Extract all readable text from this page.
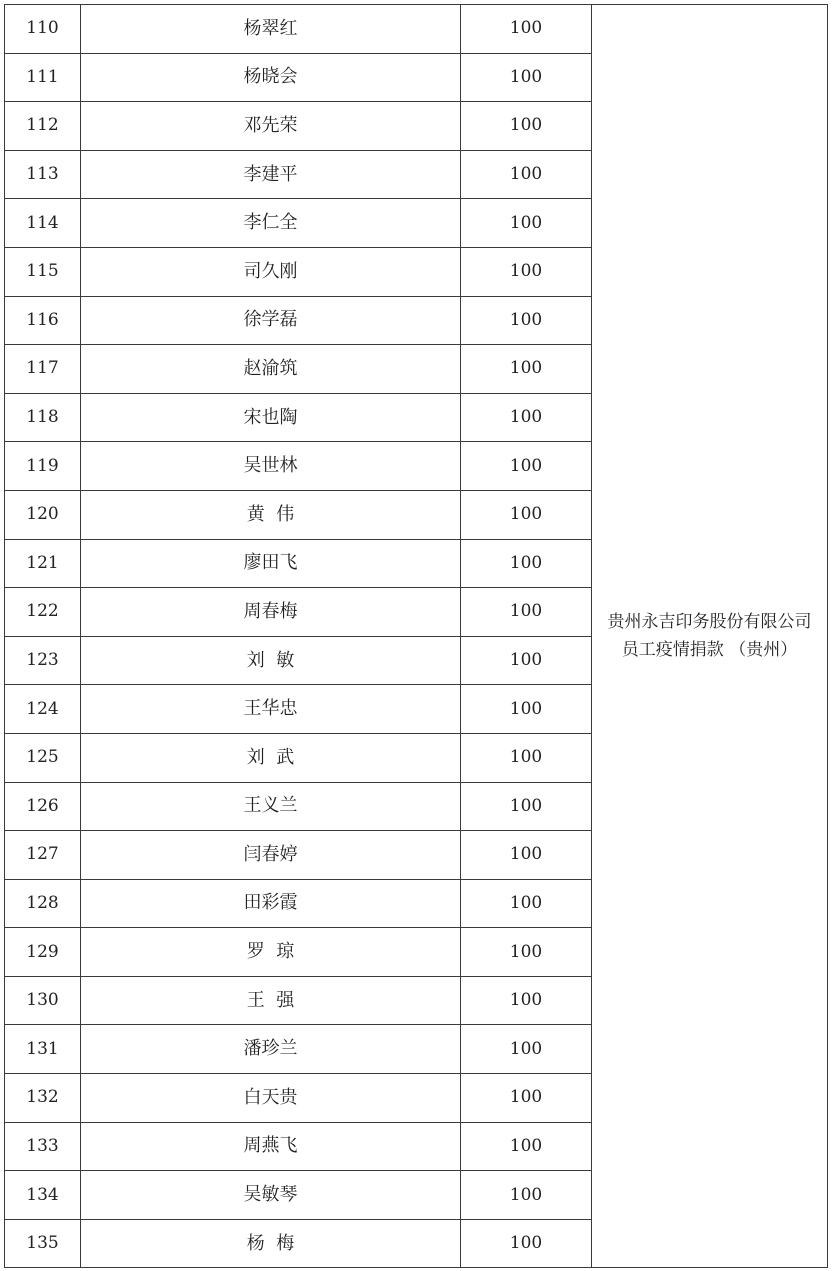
110	杨翠红	100	贵州永吉印务股份有限公司
员工疫情捐款 （贵州）

111	杨晓会	100	
112	邓先荣	100	
113	李建平	100	
114	李仁全	100	
115	司久刚	100	
116	徐学磊	100	
117	赵渝筑	100	
118	宋也陶	100	
119	吴世林	100	
120	黄  伟	100	
121	廖田飞	100	
122	周春梅	100	
123	刘  敏	100	
124	王华忠	100	
125	刘  武	100	
126	王义兰	100	
127	闫春婷	100	
128	田彩霞	100	
129	罗  琼	100	
130	王  强	100	
131	潘珍兰	100	
132	白天贵	100	
133	周燕飞	100	
134	吴敏琴	100	
135	杨  梅	100	
